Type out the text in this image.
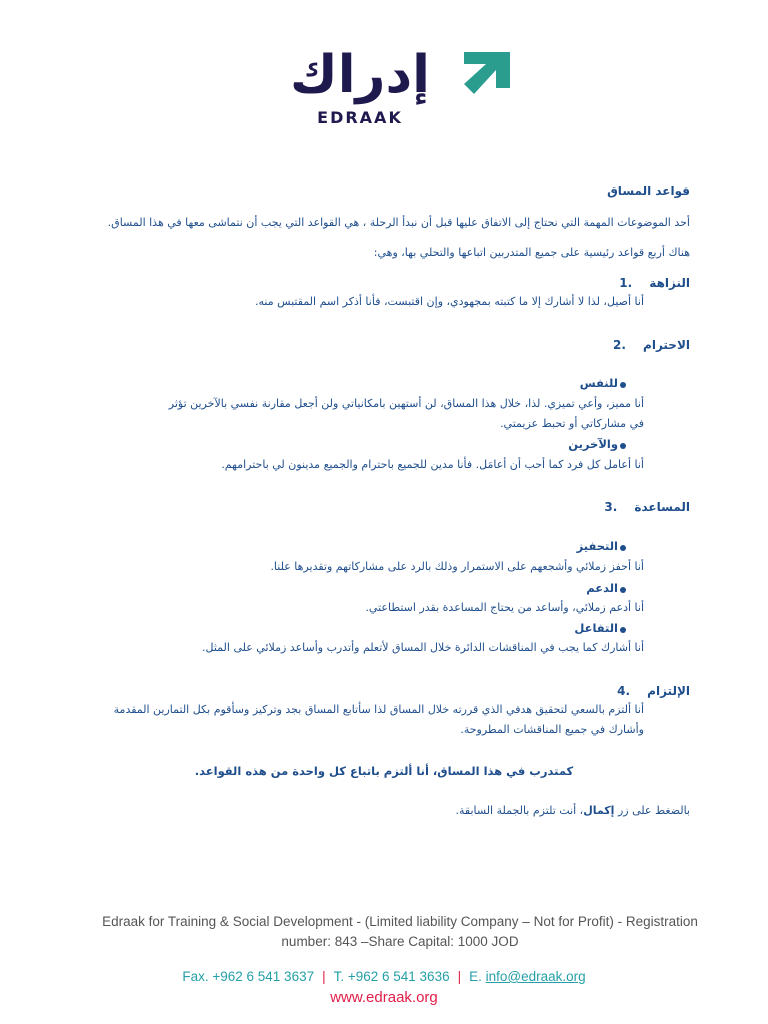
إدراك
EDRAAK
قواعد المساق
أحد الموضوعات المهمة التي نحتاج إلى الاتفاق عليها قبل أن نبدأ الرحلة ، هي القواعد التي يجب أن نتماشى معها في هذا المساق.
هناك أربع قواعد رئيسية على جميع المتدربين اتباعها والتحلي بها، وهي:
النزاهة1.
أنا أصيل، لذا لا أشارك إلا ما كتبته بمجهودي، وإن اقتبست، فأنا أذكر اسم المقتبس منه.
الاحترام2.
للنفس
أنا مميز، وأعي تميزي. لذا، خلال هذا المساق، لن أستهين بامكانياتي ولن أجعل مقارنة نفسي بالآخرين تؤثر
في مشاركاتي أو تحبط عزيمتي.
والآخرين
أنا أعامل كل فرد كما أحب أن أعامَل. فأنا مدين للجميع باحترام والجميع مدينون لي باحترامهم.
المساعدة3.
التحفيز
أنا أحفز زملائي وأشجعهم على الاستمرار وذلك بالرد على مشاركاتهم وتقديرها علنا.
الدعم
أنا أدعم زملائي، وأساعد من يحتاج المساعدة بقدر استطاعتي.
التفاعل
أنا أشارك كما يجب في المناقشات الدائرة خلال المساق لأتعلم وأتدرب وأساعد زملائي على المثل.
الإلتزام4.
أنا ألتزم بالسعي لتحقيق هدفي الذي قررته خلال المساق لذا سأتابع المساق بجد وتركيز وسأقوم بكل التمارين المقدمة
وأشارك في جميع المناقشات المطروحة.
كمتدرب في هذا المساق، أنا ألتزم باتباع كل واحدة من هذه القواعد.
بالضغط على زر إكمال، أنت تلتزم بالجملة السابقة.
Edraak for Training & Social Development - (Limited liability Company – Not for Profit) - Registration
number: 843 –Share Capital: 1000 JOD
Fax. +962 6 541 3637 | T. +962 6 541 3636 | E. info@edraak.org
www.edraak.org
